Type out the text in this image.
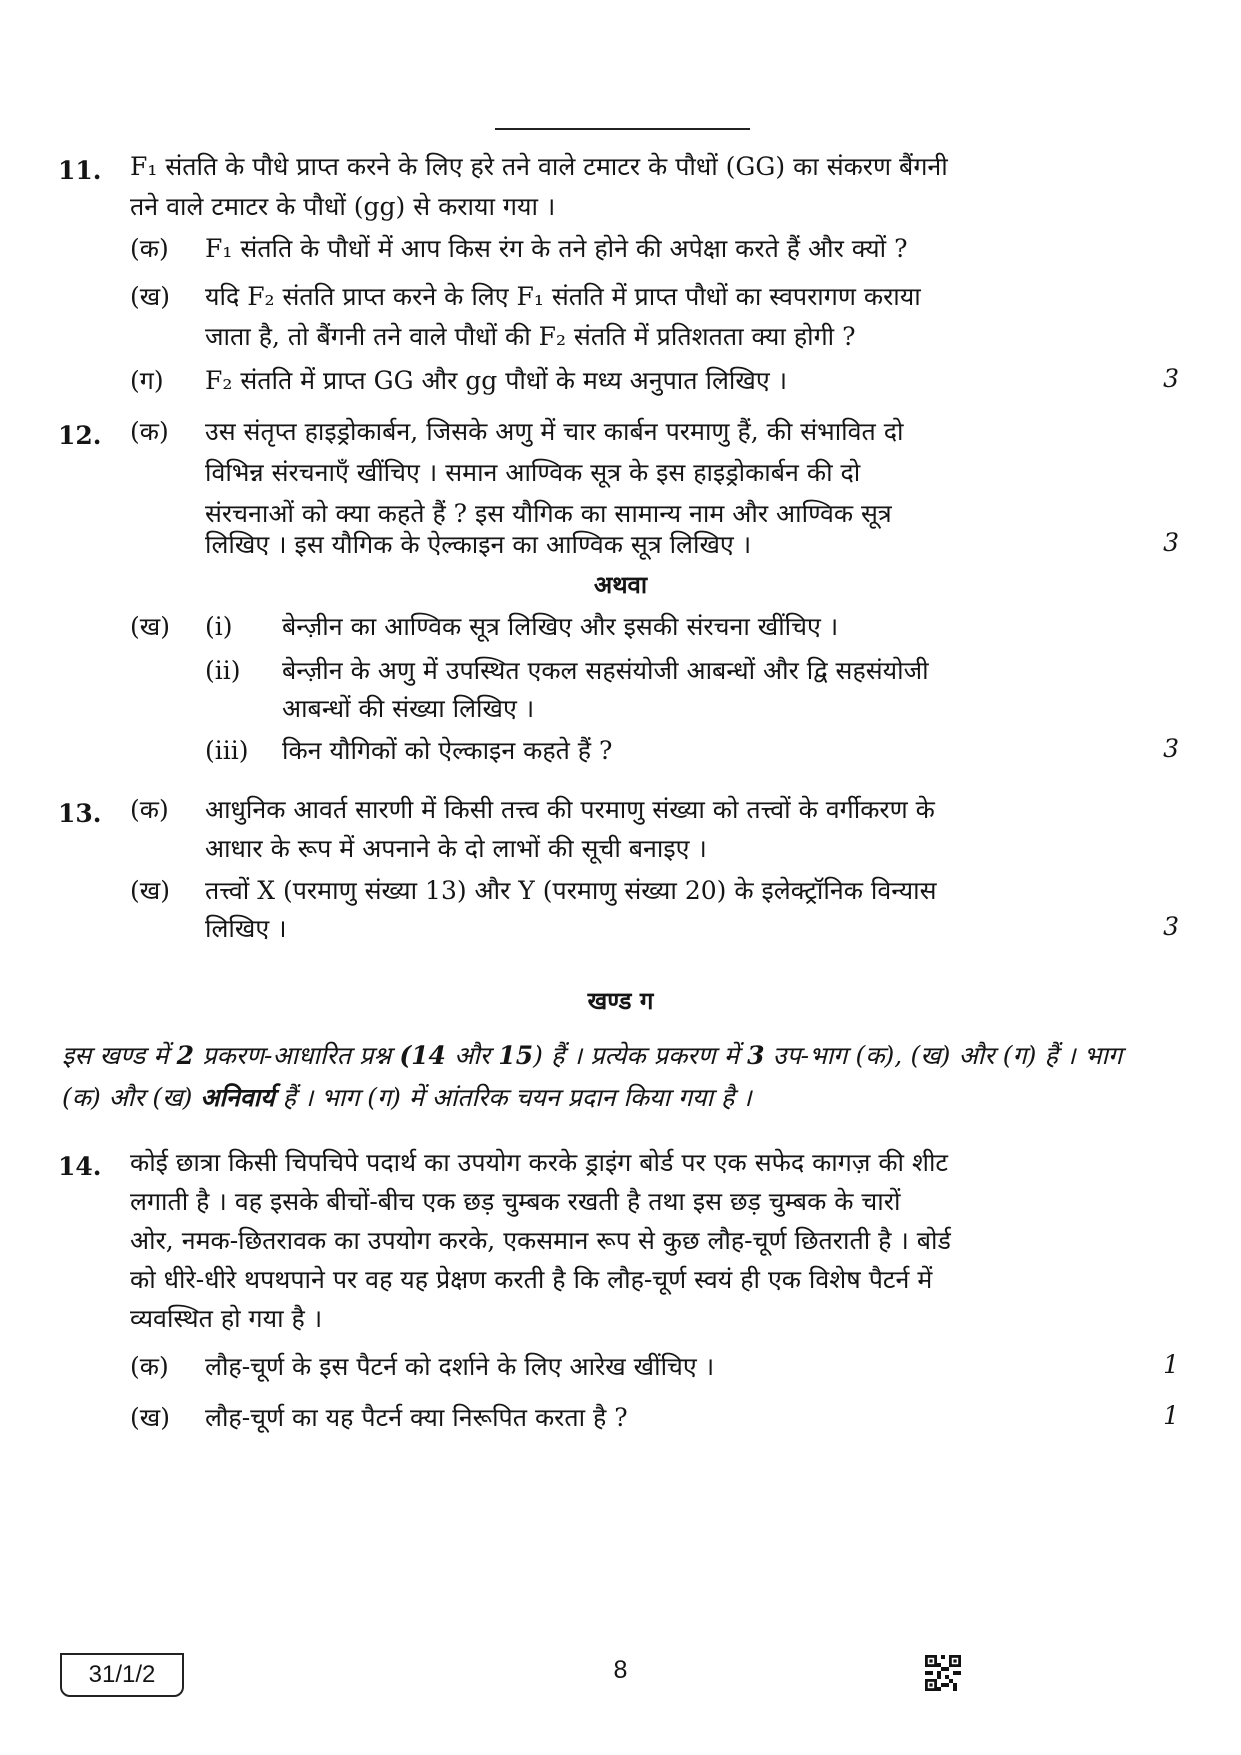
11. F₁ संतति के पौधे प्राप्त करने के लिए हरे तने वाले टमाटर के पौधों (GG) का संकरण बैंगनी
तने वाले टमाटर के पौधों (gg) से कराया गया ।
(क) F₁ संतति के पौधों में आप किस रंग के तने होने की अपेक्षा करते हैं और क्यों ?
(ख) यदि F₂ संतति प्राप्त करने के लिए F₁ संतति में प्राप्त पौधों का स्वपरागण कराया
जाता है, तो बैंगनी तने वाले पौधों की F₂ संतति में प्रतिशतता क्या होगी ?
(ग) F₂ संतति में प्राप्त GG और gg पौधों के मध्य अनुपात लिखिए ।	3
12. (क) उस संतृप्त हाइड्रोकार्बन, जिसके अणु में चार कार्बन परमाणु हैं, की संभावित दो
विभिन्न संरचनाएँ खींचिए । समान आण्विक सूत्र के इस हाइड्रोकार्बन की दो
संरचनाओं को क्या कहते हैं ? इस यौगिक का सामान्य नाम और आण्विक सूत्र
लिखिए । इस यौगिक के ऐल्काइन का आण्विक सूत्र लिखिए ।	3
अथवा
(ख) (i) बेन्ज़ीन का आण्विक सूत्र लिखिए और इसकी संरचना खींचिए ।
(ii) बेन्ज़ीन के अणु में उपस्थित एकल सहसंयोजी आबन्धों और द्वि सहसंयोजी
आबन्धों की संख्या लिखिए ।
(iii) किन यौगिकों को ऐल्काइन कहते हैं ?	3
13. (क) आधुनिक आवर्त सारणी में किसी तत्त्व की परमाणु संख्या को तत्त्वों के वर्गीकरण के
आधार के रूप में अपनाने के दो लाभों की सूची बनाइए ।
(ख) तत्त्वों X (परमाणु संख्या 13) और Y (परमाणु संख्या 20) के इलेक्ट्रॉनिक विन्यास
लिखिए ।	3
खण्ड ग
इस खण्ड में 2 प्रकरण-आधारित प्रश्न (14 और 15) हैं । प्रत्येक प्रकरण में 3 उप-भाग (क), (ख) और (ग) हैं । भाग (क) और (ख) अनिवार्य हैं । भाग (ग) में आंतरिक चयन प्रदान किया गया है ।
14. कोई छात्रा किसी चिपचिपे पदार्थ का उपयोग करके ड्राइंग बोर्ड पर एक सफेद कागज़ की शीट
लगाती है । वह इसके बीचों-बीच एक छड़ चुम्बक रखती है तथा इस छड़ चुम्बक के चारों
ओर, नमक-छितरावक का उपयोग करके, एकसमान रूप से कुछ लौह-चूर्ण छितराती है । बोर्ड
को धीरे-धीरे थपथपाने पर वह यह प्रेक्षण करती है कि लौह-चूर्ण स्वयं ही एक विशेष पैटर्न में
व्यवस्थित हो गया है ।
(क) लौह-चूर्ण के इस पैटर्न को दर्शाने के लिए आरेख खींचिए ।	1
(ख) लौह-चूर्ण का यह पैटर्न क्या निरूपित करता है ?	1
31/1/2	8
